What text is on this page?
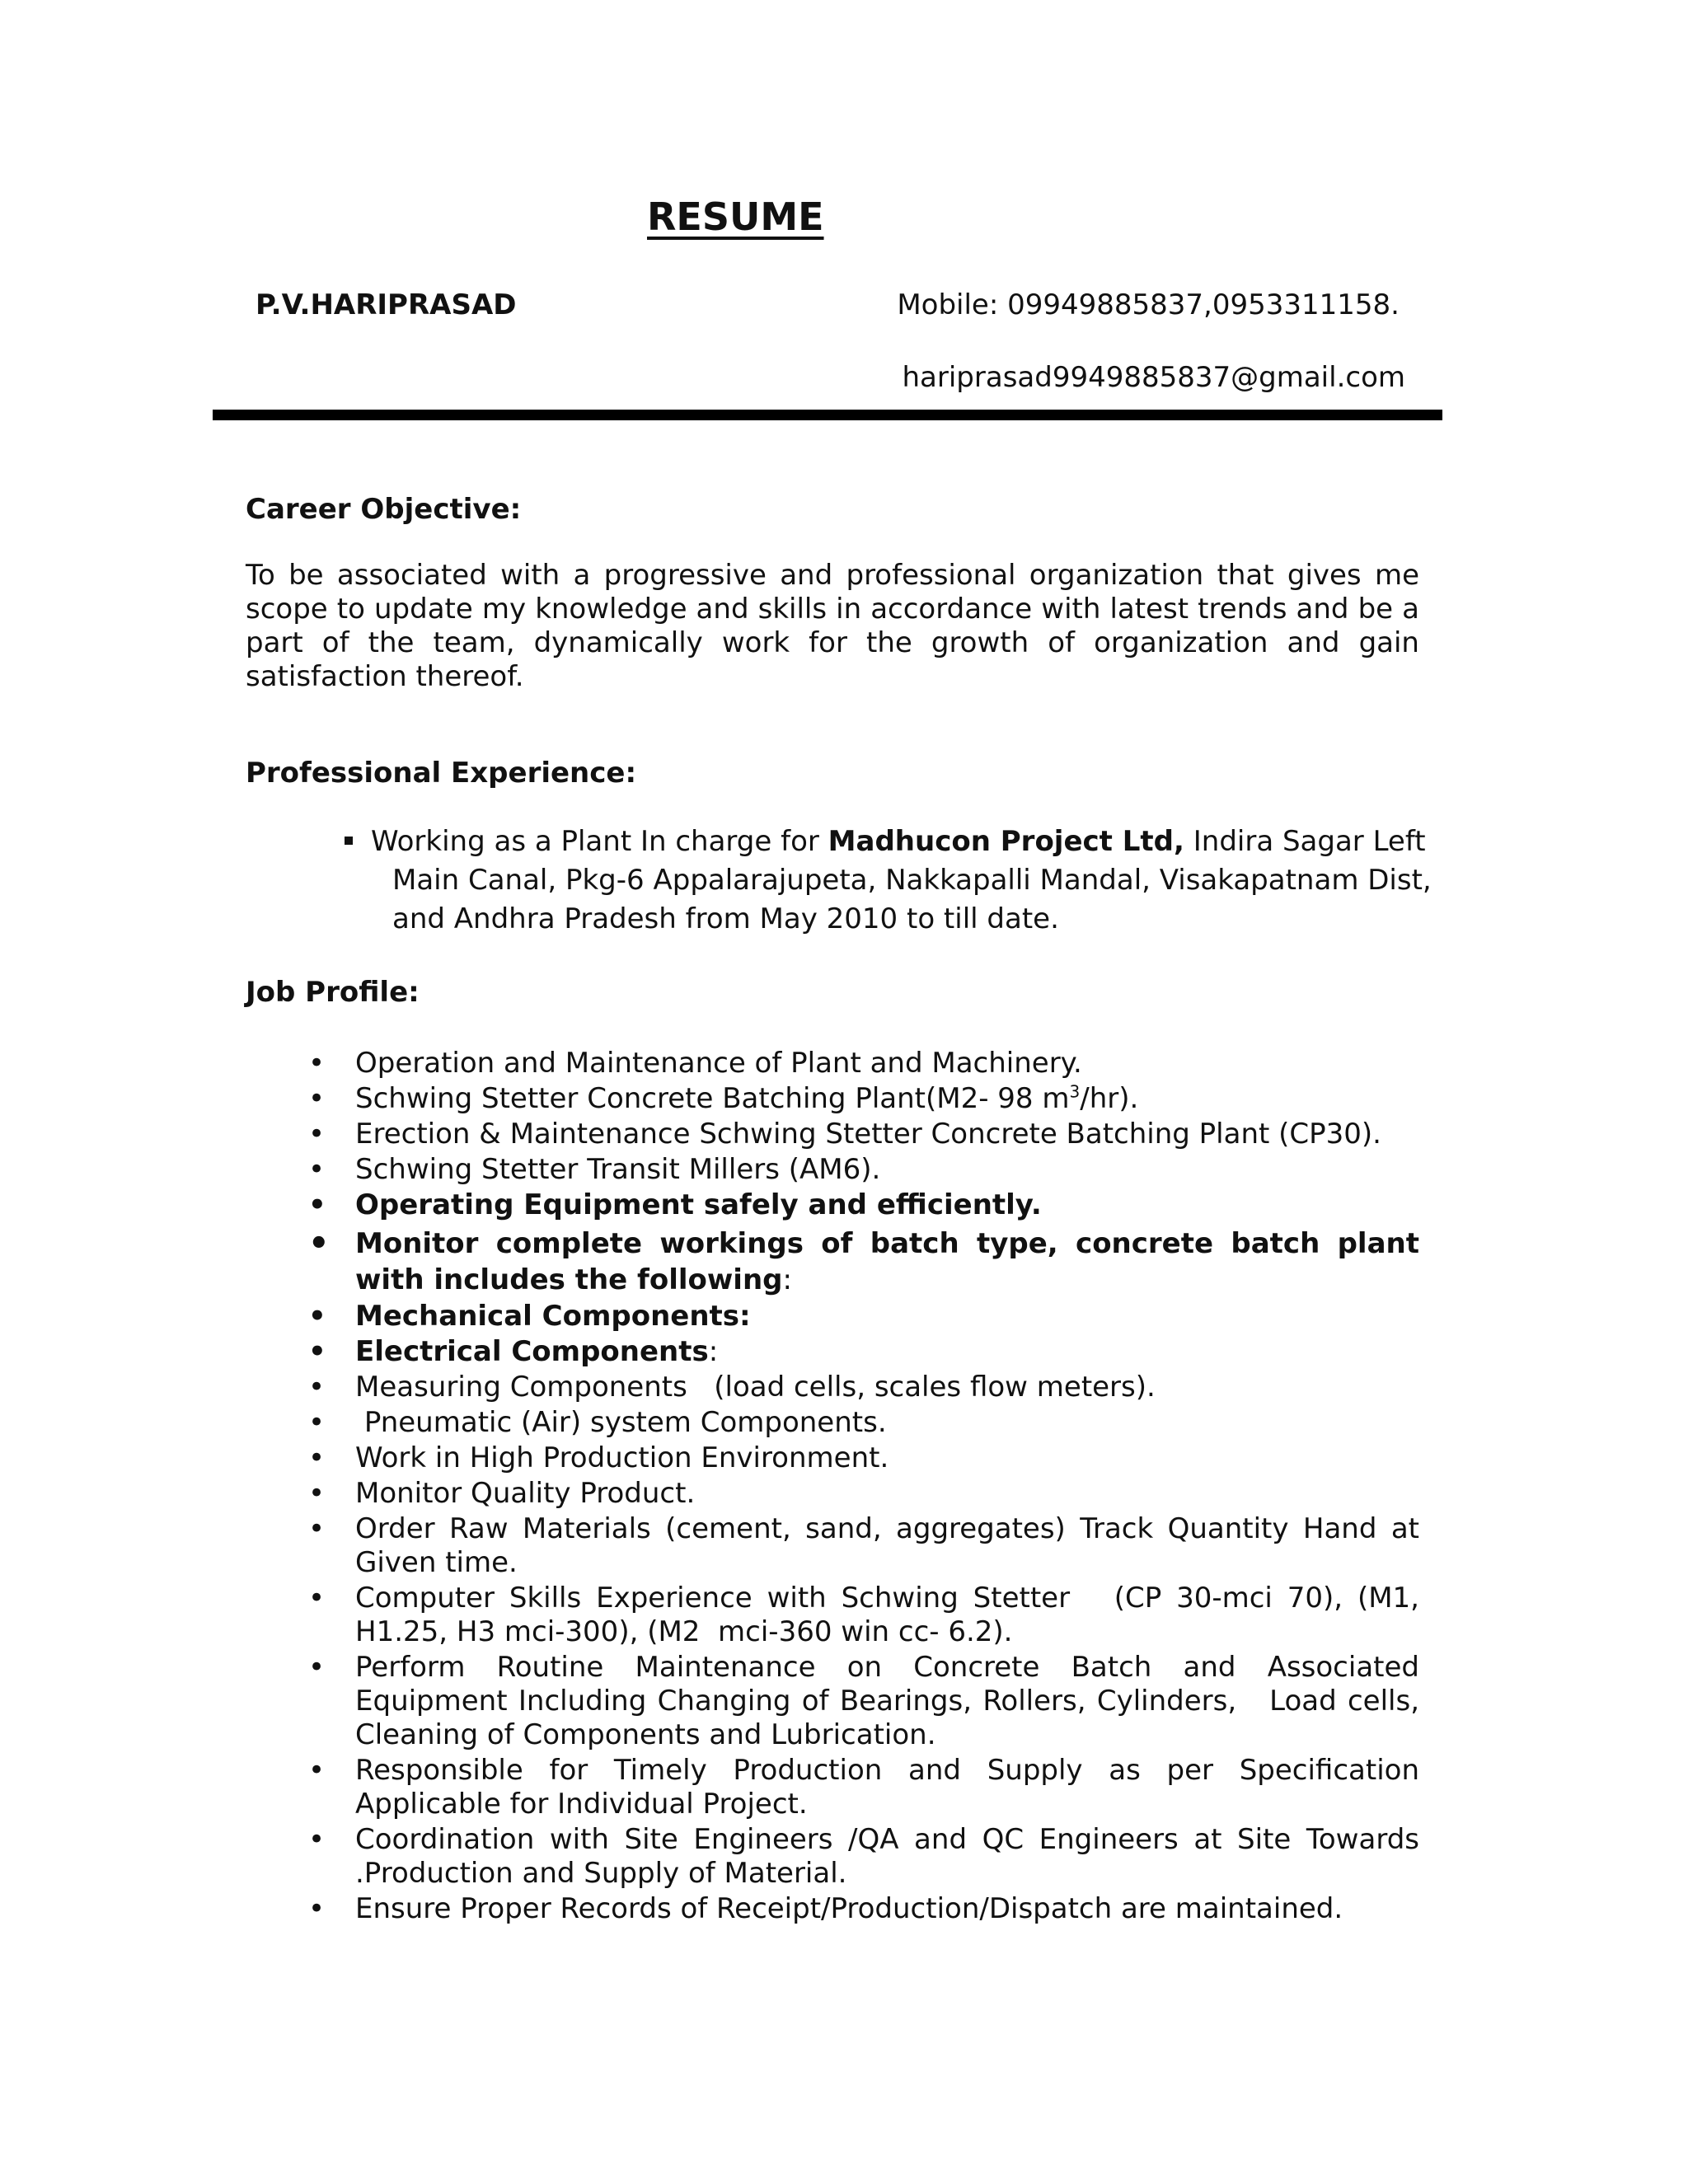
RESUME
P.V.HARIPRASAD	Mobile: 09949885837,0953311158.
hariprasad9949885837@gmail.com
Career Objective:
To be associated with a progressive and professional organization that gives me scope to update my knowledge and skills in accordance with latest trends and be a part of the team, dynamically work for the growth of organization and gain satisfaction thereof.
Professional Experience:
Working as a Plant In charge for Madhucon Project Ltd, Indira Sagar Left Main Canal, Pkg-6 Appalarajupeta, Nakkapalli Mandal, Visakapatnam Dist, and Andhra Pradesh from May 2010 to till date.
Job Profile:
• Operation and Maintenance of Plant and Machinery.
• Schwing Stetter Concrete Batching Plant(M2- 98 $m^3/hr$).
• Erection & Maintenance Schwing Stetter Concrete Batching Plant (CP30).
• Schwing Stetter Transit Millers (AM6).
• Operating Equipment safely and efficiently.
• Monitor complete workings of batch type, concrete batch plant with includes the following:
• Mechanical Components:
• Electrical Components:
• Measuring Components   (load cells, scales flow meters).
•  Pneumatic (Air) system Components.
• Work in High Production Environment.
• Monitor Quality Product.
• Order Raw Materials (cement, sand, aggregates) Track Quantity Hand at Given time.
• Computer Skills Experience with Schwing Stetter   (CP 30-mci 70), (M1, H1.25, H3 mci-300), (M2  mci-360 win cc- 6.2).
• Perform Routine Maintenance on Concrete Batch and Associated Equipment Including Changing of Bearings, Rollers, Cylinders,   Load cells, Cleaning of Components and Lubrication.
• Responsible for Timely Production and Supply as per Specification Applicable for Individual Project.
• Coordination with Site Engineers /QA and QC Engineers at Site Towards .Production and Supply of Material.
• Ensure Proper Records of Receipt/Production/Dispatch are maintained.
